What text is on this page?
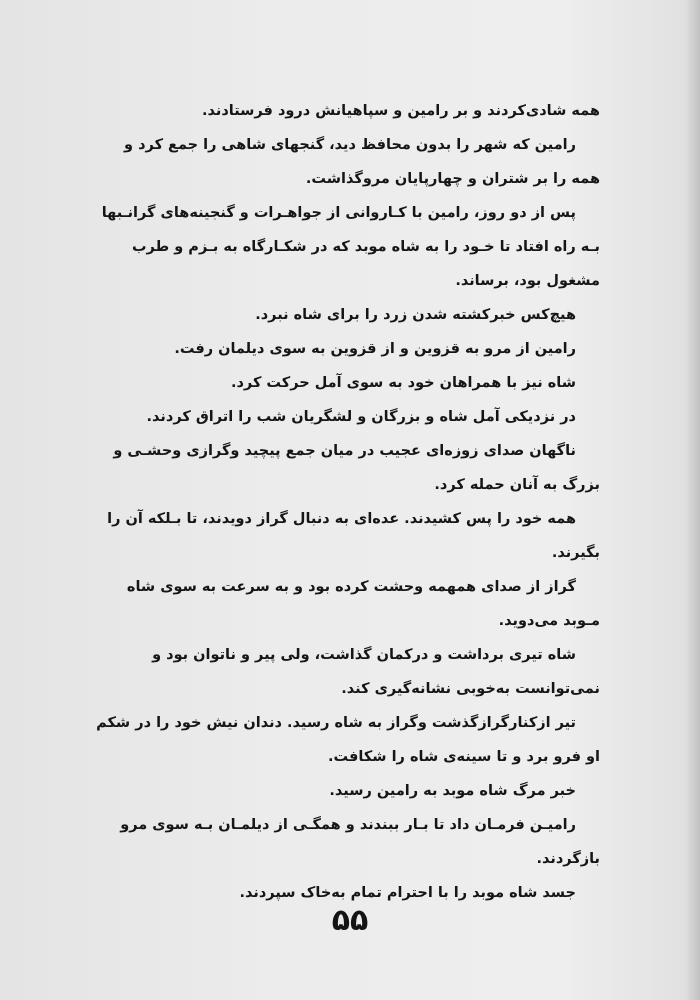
همه شادی‌کردند و بر رامین و سپاهیانش درود فرستادند.

رامین که شهر را بدون محافظ دید، گنجهای شاهی را جمع کرد و همه را بر شتران و چهارپایان مروگذاشت.

پس از دو روز، رامین با کـاروانی از جواهـرات و گنجینه‌های گرانـبها بـه راه افتاد تا خـود را به شاه موبد که در شکـارگاه به بـزم و طرب مشغول بود، برساند.

هیچ‌کس خبرکشته شدن زرد را برای شاه نبرد.

رامین از مرو به قزوین و از قزوین به سوی دیلمان رفت.

شاه نیز با همراهان خود به سوی آمل حرکت کرد.

در نزدیکی آمل شاه و بزرگان و لشگریان شب را اتراق کردند.

ناگهان صدای زوزه‌ای عجیب در میان جمع پیچید وگرازی وحشـی و بزرگ به آنان حمله کرد.

همه خود را پس کشیدند. عده‌ای به دنبال گراز دویدند، تا بـلکه آن را بگیرند.

گراز از صدای همهمه وحشت کرده بود و به سرعت به سوی شاه مـوبد می‌دوید.

شاه تیری برداشت و درکمان گذاشت، ولی پیر و ناتوان بود و نمی‌توانست به‌خوبی نشانه‌گیری کند.

تیر ازکنارگرازگذشت وگراز به شاه رسید. دندان نیش خود را در شکم او فرو برد و تا سینه‌ی شاه را شکافت.

خبر مرگ شاه موبد به رامین رسید.

رامیـن فرمـان داد تا بـار ببندند و همگـی از دیلمـان بـه سوی مرو بازگردند.

جسد شاه موبد را با احترام تمام به‌خاک سپردند.

۵۵
